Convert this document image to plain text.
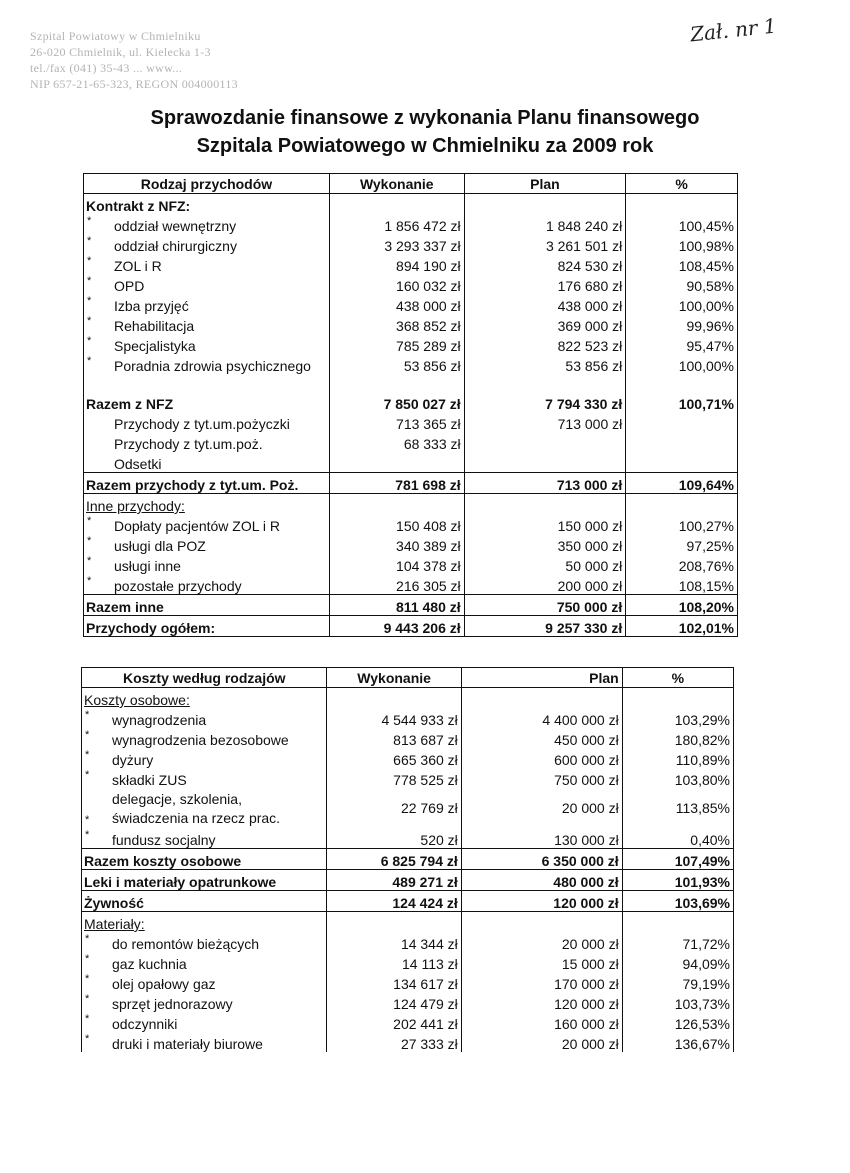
Szpital Powiatowy w Chmielniku
26-020 Chmielnik, ul. Kielecka 1-3
tel./fax (041) 35-43 ... www...
NIP 657-21-65-323, REGON 004000113
Zał. nr 1
Sprawozdanie finansowe z wykonania Planu finansowego
Szpitala Powiatowego w Chmielniku za 2009 rok
Rodzaj przychodów	Wykonanie	Plan	%
Kontrakt z NFZ:			

* oddział wewnętrzny	1 856 472 zł	1 848 240 zł	100,45%

* oddział chirurgiczny	3 293 337 zł	3 261 501 zł	100,98%

* ZOL i R	894 190 zł	824 530 zł	108,45%

* OPD	160 032 zł	176 680 zł	90,58%

* Izba przyjęć	438 000 zł	438 000 zł	100,00%

* Rehabilitacja	368 852 zł	369 000 zł	99,96%

* Specjalistyka	785 289 zł	822 523 zł	95,47%

* Poradnia zdrowia psychicznego	53 856 zł	53 856 zł	100,00%

Razem z NFZ	7 850 027 zł	7 794 330 zł	100,71%
Przychody z tyt.um.pożyczki	713 365 zł	713 000 zł	
Przychody z tyt.um.poż.	68 333 zł		
Odsetki			
Razem przychody z tyt.um. Poż.	781 698 zł	713 000 zł	109,64%
Inne przychody:			

* Dopłaty pacjentów ZOL i R	150 408 zł	150 000 zł	100,27%

* usługi dla POZ	340 389 zł	350 000 zł	97,25%

* usługi inne	104 378 zł	50 000 zł	208,76%

* pozostałe przychody	216 305 zł	200 000 zł	108,15%
Razem inne	811 480 zł	750 000 zł	108,20%
Przychody ogółem:	9 443 206 zł	9 257 330 zł	102,01%
Koszty według rodzajów	Wykonanie	Plan	%
Koszty osobowe:			

* wynagrodzenia	4 544 933 zł	4 400 000 zł	103,29%

* wynagrodzenia bezosobowe	813 687 zł	450 000 zł	180,82%

* dyżury	665 360 zł	600 000 zł	110,89%

* składki ZUS	778 525 zł	750 000 zł	103,80%

*
delegacje, szkolenia,
świadczenia na rzecz prac.	22 769 zł	20 000 zł	113,85%

* fundusz socjalny	520 zł	130 000 zł	0,40%
Razem koszty osobowe	6 825 794 zł	6 350 000 zł	107,49%
Leki i materiały opatrunkowe	489 271 zł	480 000 zł	101,93%
Żywność	124 424 zł	120 000 zł	103,69%
Materiały:			

* do remontów bieżących	14 344 zł	20 000 zł	71,72%

* gaz kuchnia	14 113 zł	15 000 zł	94,09%

* olej opałowy gaz	134 617 zł	170 000 zł	79,19%

* sprzęt jednorazowy	124 479 zł	120 000 zł	103,73%

* odczynniki	202 441 zł	160 000 zł	126,53%

* druki i materiały biurowe	27 333 zł	20 000 zł	136,67%
